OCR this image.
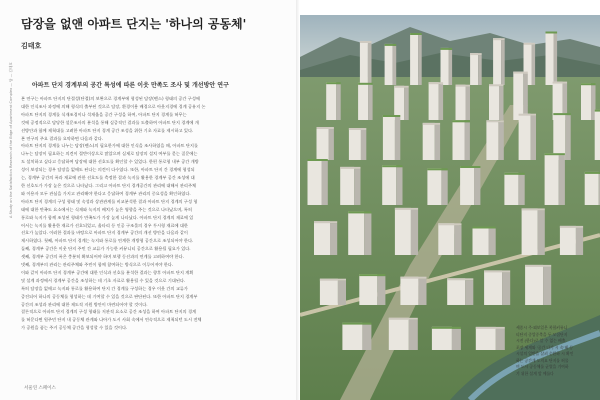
담장을 없앤 아파트 단지는 '하나의 공동체'
김태호
아파트 단지 경계부의 공간 특성에 따른 이웃 만족도 조사 및 개선방안 연구

본 연구는 아파트 단지의 단절성(단절)의 보완으로 경계부에 형성된 담장(펜스) 형태의 공간 구성에

대한 인식조사 과정에 의해 형식의 출부된 것으로 담장, 환경이용 배경으로 아웃지경에 경계 공유지 논

아파트 단지의 경계를 식재조경이나 석재울을 공간 구성을 하여, 아파트 단지 경계를 허무는

것에 공정적으로 담당한 설문조사의 분석을 통해 실증적인 결과를 도출하여 아파트 단지 경계에 개

선방안과 함께 제척대를 고려한 아파트 단지 경계 공간 조성을 위한 기초 자료를 제시하고 있다.

본 연구의 주요 결과를 요약하면 다음과 같다.

아파트 단지의 경계를 나누는 담장(펜스)의 필요한가에 대한 인식을 조사하였을 때, 아파트 단지를

나누는 담장이 필요하는 의견이 절반이상으로 많았으며 실제로 담장의 설치 여부를 묻는 질문에는

도 설치하고 싶다고 응답하여 담장에 대한 선호도를 확인할 수 있었다. 한편 통로형 내부 공간 개방

성이 보장되는 경우 담장을 없애도 된다는 의견이 다수였다. 또한, 아파트 단지 간 경계에 형성되

는, 경계부 공간의 폭과 재료에 관한 선호도를 측정한 결과 녹지를 활용한 경계부 공간 조성에 대

한 선호도가 가장 높은 것으로 나타났다. 그리고 아파트 단지 경계공간의 관리에 대해서 관리주체

와 이용자 모두 관심을 가지고 관리해야 한다고 응답하여 경계부 관리의 중요성을 확인하였다.

아파트 단지 경계의 구성 형태 및 속성과 상관관계를 비교분석한 결과 아파트 단지 경계의 구성 형

태에 대한 만족도 요소에서는 식재와 녹지의 배치가 높은 영향을 주는 것으로 나타났으며, 특히

통로와 녹지가 함께 조성된 형태가 만족도가 가장 높게 나타났다. 아파트 단지 경계의 재료에 있

어서는 녹지를 활용한 재료가 선호되었고, 울타리 등 인공 구조물의 경우 투시형 재료에 대한

선호가 높았다. 이러한 결과를 바탕으로 아파트 단지 경계부 공간의 개선 방안을 다음과 같이

제시하였다. 첫째, 아파트 단지 경계는 녹지와 통로를 연계한 개방형 공간으로 조성되어야 한다.

둘째, 경계부 공간은 이웃 단지 주민 간 교류가 가능한 커뮤니티 공간으로 활용될 필요가 있다.

셋째, 경계부 공간의 폭은 충분히 확보되어야 하며 보행 동선과의 연계를 고려하여야 한다.

넷째, 경계부의 관리는 관리주체와 주민이 함께 참여하는 방식으로 이루어져야 한다.

이와 같이 아파트 단지 경계부 공간에 대한 인식과 선호를 분석한 결과는 향후 아파트 단지 계획

및 설계 과정에서 경계부 공간을 조성하는 데 기초 자료로 활용될 수 있을 것으로 기대된다.

특히 담장을 없애고 녹지와 통로를 활용하여 단지 간 경계를 구성하는 경우 이웃 간의 교류가

증진되어 하나의 공동체를 형성하는 데 기여할 수 있을 것으로 판단된다. 또한 아파트 단지 경계부

공간의 조성과 관리에 대한 제도적 지원 방안이 마련되어야 할 것이다.

결론적으로 아파트 단지 경계의 구성 형태를 저관적 요소로 공간 조성을 하여 아파트 단지의 경계

를 허문다면 원주민 단지 내 공동체 관계와 나아가 도시 사회 속에서 연속적으로 제척되던 도시 전체

가 공원을 품는 주거 공동체 공간을 형성할 수 있을 것이다.

A Study on the Satisfaction Research of the Edge of Apartment Complex — 담 — 김태호
서울연 스페이스
세종시 주·외보일은 복합커뮤니
티단지 중앙중축을 두 모집단지
시전 (한다)로 알 수 없는 배출,
포장 세계와 '공간 나기 시 속'해 등
시설의 일반을 살펴 순환하 시 확인
하는 공간개 도지요 단지를 허물
며 도시 공동체를 균열을 기여하
기 위한 설계 앞 예를다
